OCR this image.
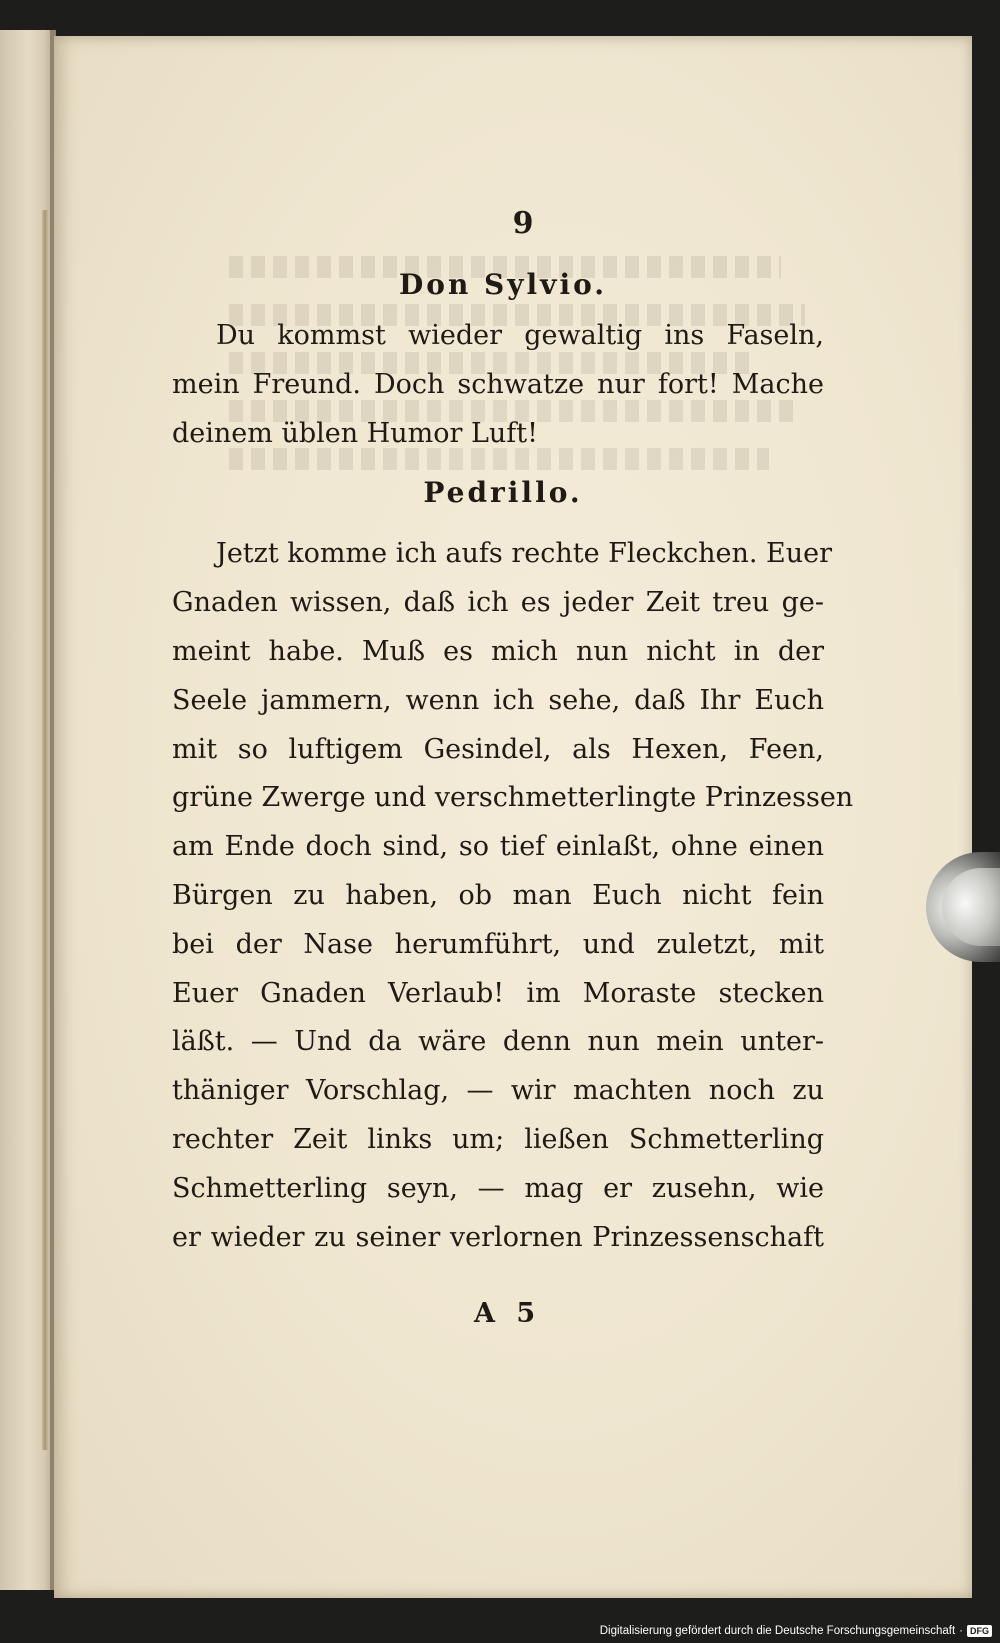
9
Don Sylvio.
Du kommst wieder gewaltig ins Faseln,
mein Freund. Doch schwatze nur fort! Mache
deinem üblen Humor Luft!
Pedrillo.
Jetzt komme ich aufs rechte Fleckchen. Euer
Gnaden wissen, daß ich es jeder Zeit treu ge-
meint habe. Muß es mich nun nicht in der
Seele jammern, wenn ich sehe, daß Ihr Euch
mit so luftigem Gesindel, als Hexen, Feen,
grüne Zwerge und verschmetterlingte Prinzessen
am Ende doch sind, so tief einlaßt, ohne einen
Bürgen zu haben, ob man Euch nicht fein
bei der Nase herumführt, und zuletzt, mit
Euer Gnaden Verlaub! im Moraste stecken
läßt. — Und da wäre denn nun mein unter-
thäniger Vorschlag, — wir machten noch zu
rechter Zeit links um; ließen Schmetterling
Schmetterling seyn, — mag er zusehn, wie
er wieder zu seiner verlornen Prinzessenschaft
A 5
Digitalisierung gefördert durch die Deutsche Forschungsgemeinschaft · DFG
